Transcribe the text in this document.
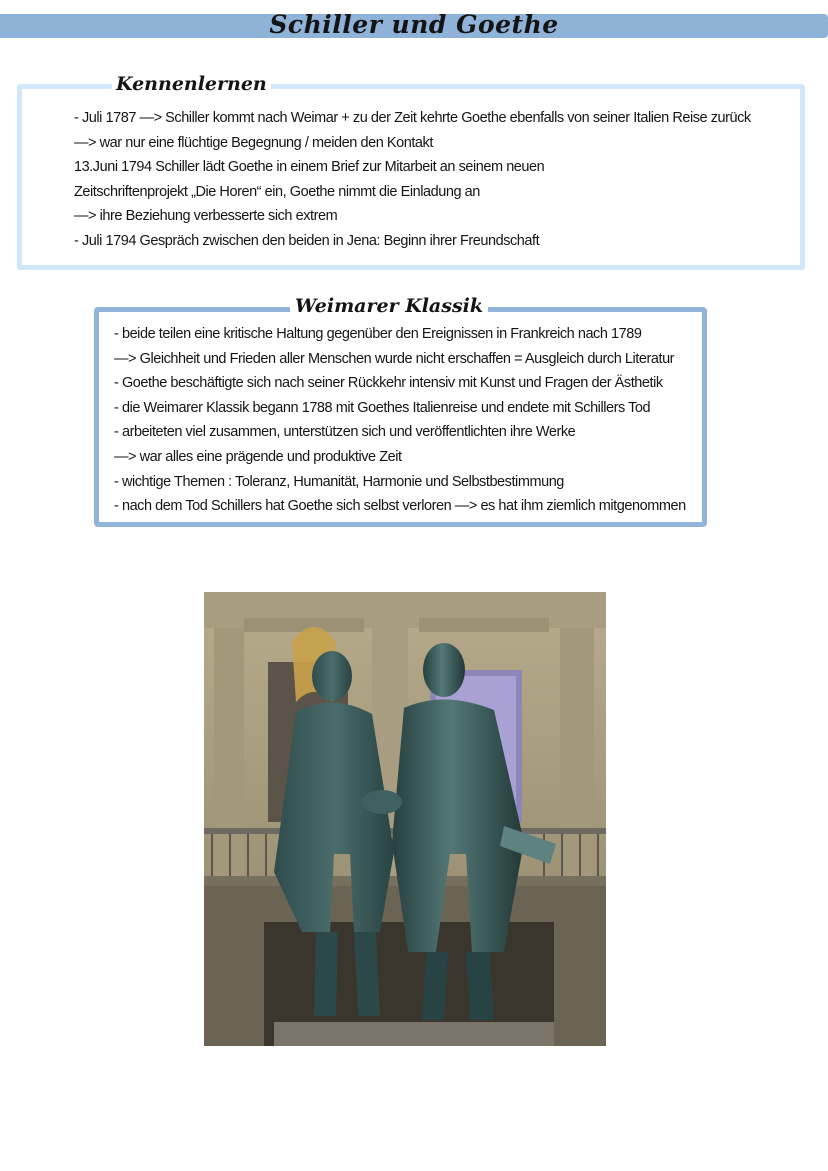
Schiller und Goethe
Kennenlernen
- Juli 1787 —> Schiller kommt nach Weimar + zu der Zeit kehrte Goethe ebenfalls von seiner Italien Reise zurück
—> war nur eine flüchtige Begegnung / meiden den Kontakt
13.Juni 1794 Schiller lädt Goethe in einem Brief zur Mitarbeit an seinem neuen
Zeitschriftenprojekt „Die Horen“ ein, Goethe nimmt die Einladung an
—> ihre Beziehung verbesserte sich extrem
- Juli 1794 Gespräch zwischen den beiden in Jena: Beginn ihrer Freundschaft
Weimarer Klassik
- beide teilen eine kritische Haltung gegenüber den Ereignissen in Frankreich nach 1789
—> Gleichheit und Frieden aller Menschen wurde nicht erschaffen = Ausgleich durch Literatur
- Goethe beschäftigte sich nach seiner Rückkehr intensiv mit Kunst und Fragen der Ästhetik
- die Weimarer Klassik begann 1788 mit Goethes Italienreise und endete mit Schillers Tod
- arbeiteten viel zusammen, unterstützen sich und veröffentlichten ihre Werke
—> war alles eine prägende und produktive Zeit
- wichtige Themen : Toleranz, Humanität, Harmonie und Selbstbestimmung
- nach dem Tod Schillers hat Goethe sich selbst verloren —> es hat ihm ziemlich mitgenommen
